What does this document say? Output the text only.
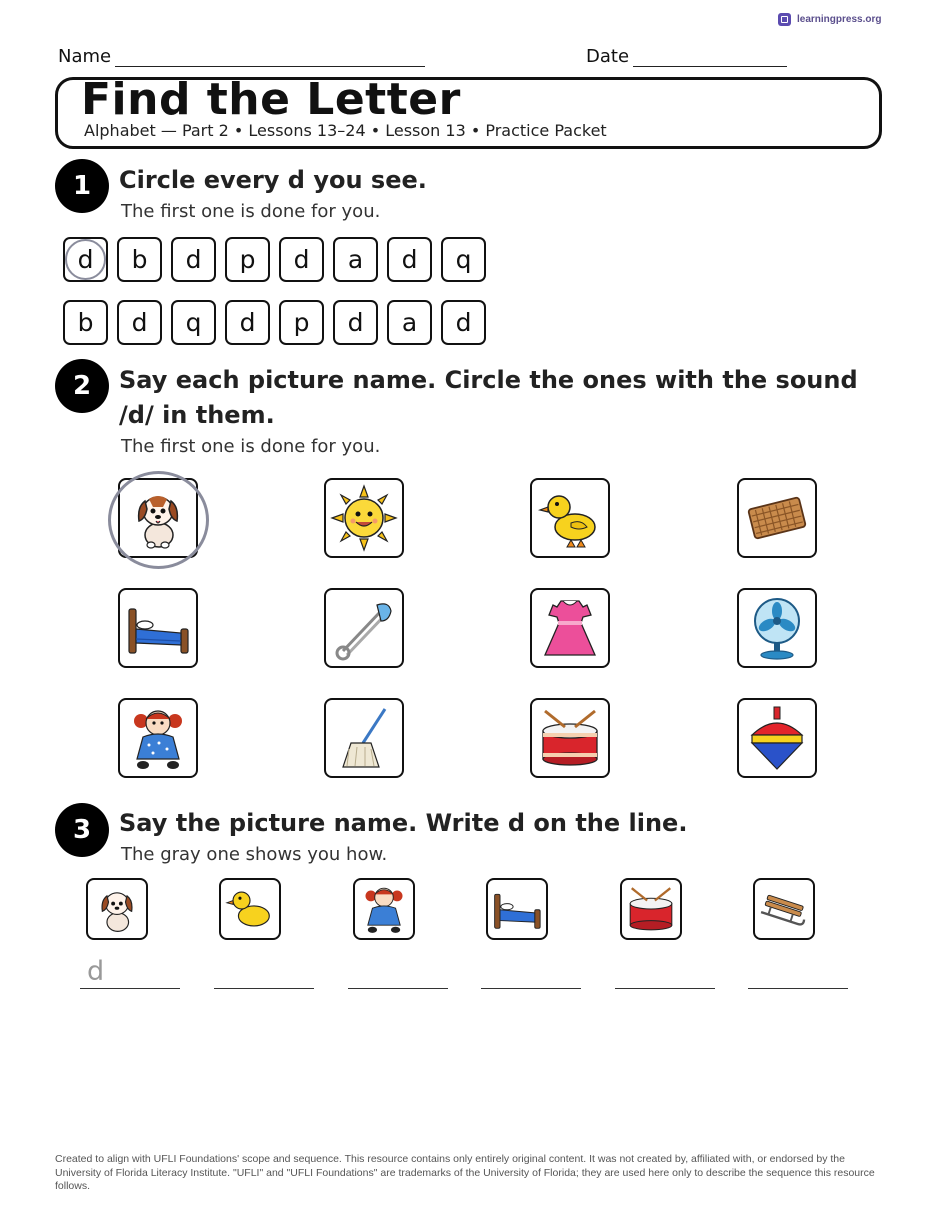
learningpress.org
Name	Date
Find the Letter
Alphabet — Part 2 • Lessons 13–24 • Lesson 13 • Practice Packet
1	Circle every d you see.
The first one is done for you.
d b d p d a d q
b d q d p d a d
2	Say each picture name. Circle the ones with the sound /d/ in them.
The first one is done for you.
3	Say the picture name. Write d on the line.
The gray one shows you how.
d
Created to align with UFLI Foundations' scope and sequence. This resource contains only entirely original content. It was not created by, affiliated with, or endorsed by the University of Florida Literacy Institute. "UFLI" and "UFLI Foundations" are trademarks of the University of Florida; they are used here only to describe the sequence this resource follows.
